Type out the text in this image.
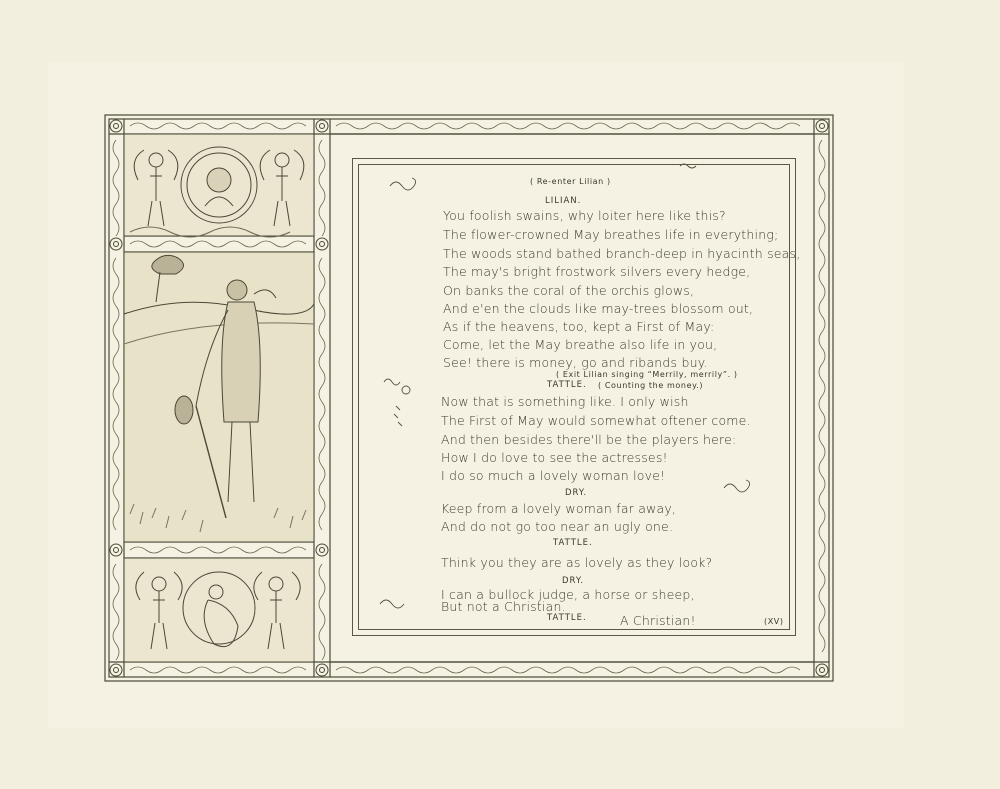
( Re-enter Lilian )
LILIAN.
You foolish swains, why loiter here like this?
The flower-crowned May breathes life in everything;
The woods stand bathed branch-deep in hyacinth seas,
The may's bright frostwork silvers every hedge,
On banks the coral of the orchis glows,
And e'en the clouds like may-trees blossom out,
As if the heavens, too, kept a First of May:
Come, let the May breathe also life in you,
See! there is money, go and ribands buy.
( Exit Lilian singing “Merrily, merrily”. )
TATTLE. ( Counting the money.)
Now that is something like. I only wish
The First of May would somewhat oftener come.
And then besides there'll be the players here:
How I do love to see the actresses!
I do so much a lovely woman love!
DRY.
Keep from a lovely woman far away,
And do not go too near an ugly one.
TATTLE.
Think you they are as lovely as they look?
DRY.
I can a bullock judge, a horse or sheep,
But not a Christian.
TATTLE.	A Christian!	(XV)
